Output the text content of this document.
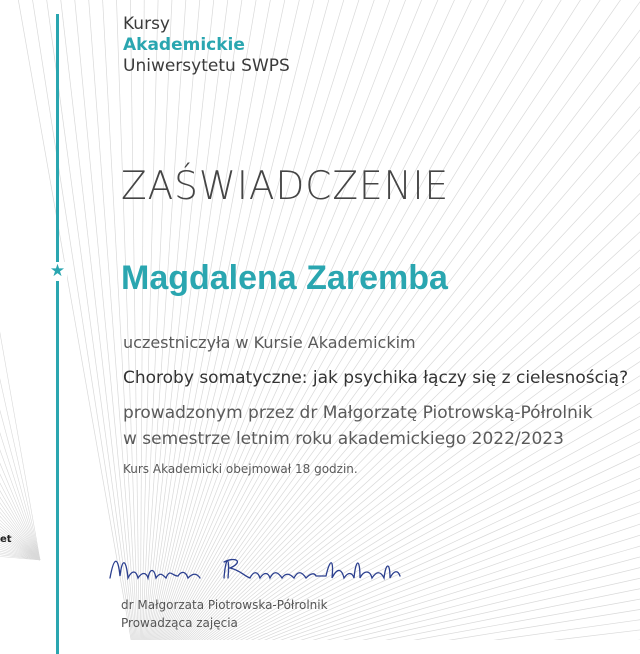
★
Kursy
Akademickie
Uniwersytetu SWPS
ZAŚWIADCZENIE
Magdalena Zaremba
uczestniczyła w Kursie Akademickim
Choroby somatyczne: jak psychika łączy się z cielesnością?
prowadzonym przez dr Małgorzatę Piotrowską-Półrolnik
w semestrze letnim roku akademickiego 2022/2023
Kurs Akademicki obejmował 18 godzin.
dr Małgorzata Piotrowska-Półrolnik
Prowadząca zajęcia
et
